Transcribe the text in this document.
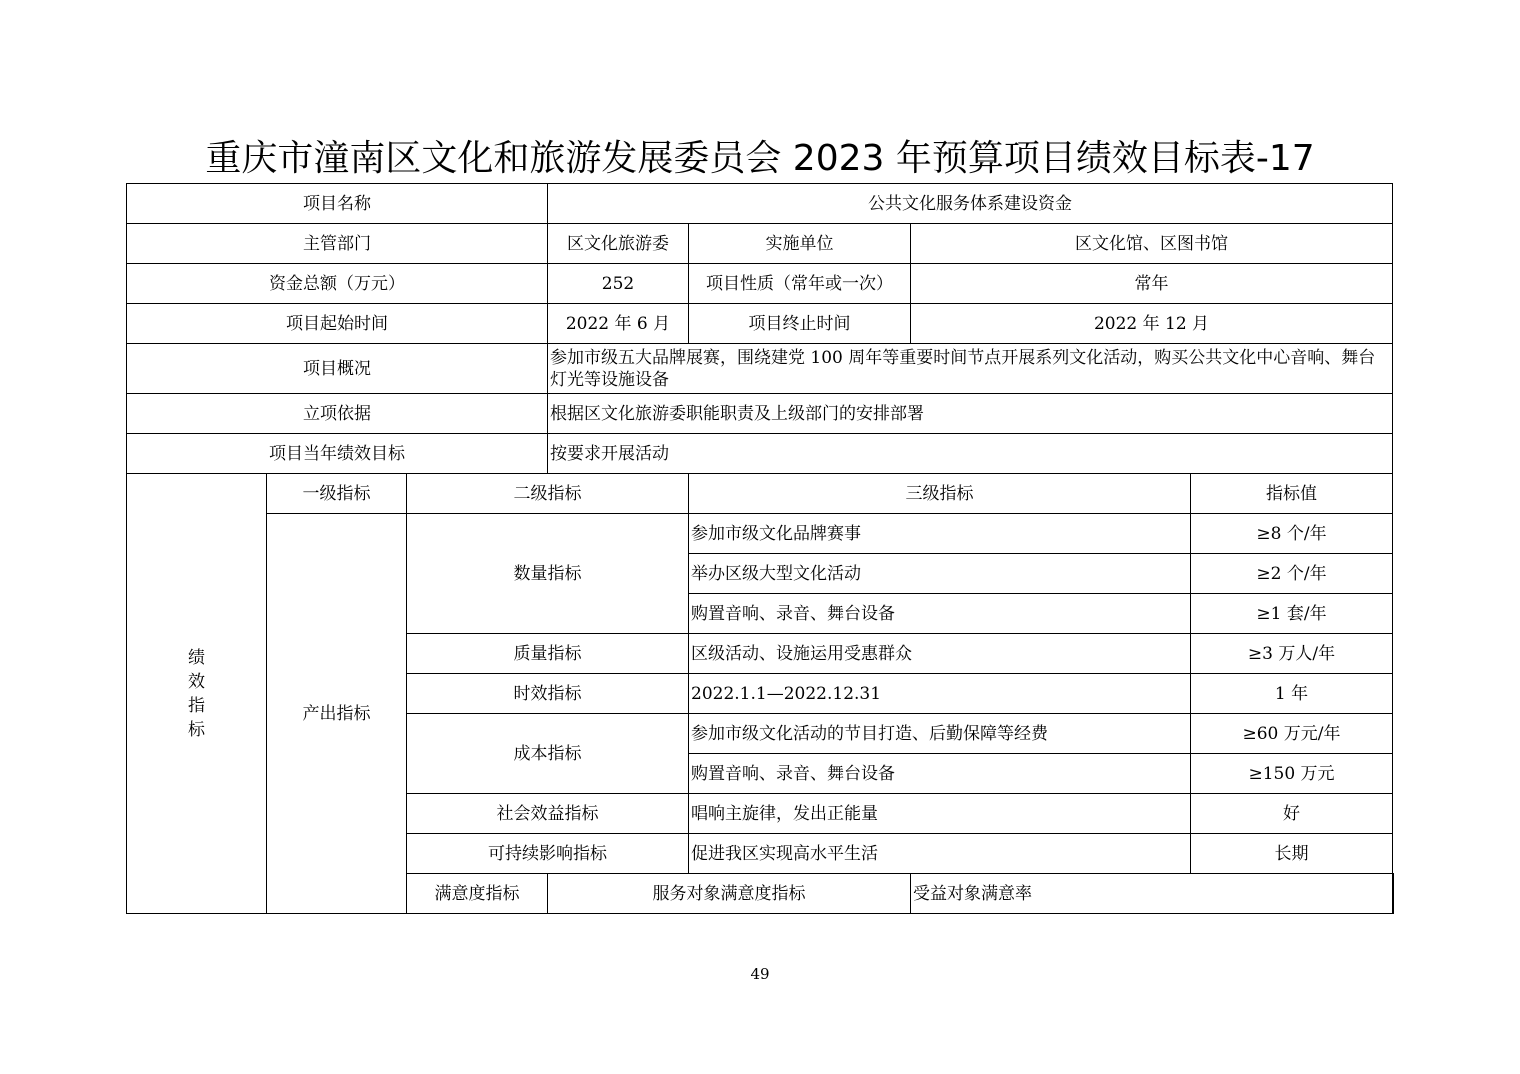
重庆市潼南区文化和旅游发展委员会 2023 年预算项目绩效目标表-17
项目名称			公共文化服务体系建设资金				
主管部门			区文化旅游委	实施单位	区文化馆、区图书馆		
资金总额（万元）			252	项目性质（常年或一次）	常年		
项目起始时间			2022 年 6 月	项目终止时间	2022 年 12 月		
项目概况			参加市级五大品牌展赛，围绕建党 100 周年等重要时间节点开展系列文化活动，购买公共文化中心音响、舞台灯光等设施设备				
立项依据			根据区文化旅游委职能职责及上级部门的安排部署				
项目当年绩效目标			按要求开展活动				
绩效指标	一级指标	二级指标		三级指标		指标值	
	产出指标	数量指标		参加市级文化品牌赛事		≥8 个/年	
				举办区级大型文化活动		≥2 个/年	
				购置音响、录音、舞台设备		≥1 套/年	
		质量指标		区级活动、设施运用受惠群众		≥3 万人/年	
		时效指标		2022.1.1—2022.12.31		1 年	
		成本指标		参加市级文化活动的节目打造、后勤保障等经费		≥60 万元/年	
				购置音响、录音、舞台设备		≥150 万元	
		社会效益指标		唱响主旋律，发出正能量		好	
		可持续影响指标		促进我区实现高水平生活		长期	
		满意度指标	服务对象满意度指标		受益对象满意率	
49
